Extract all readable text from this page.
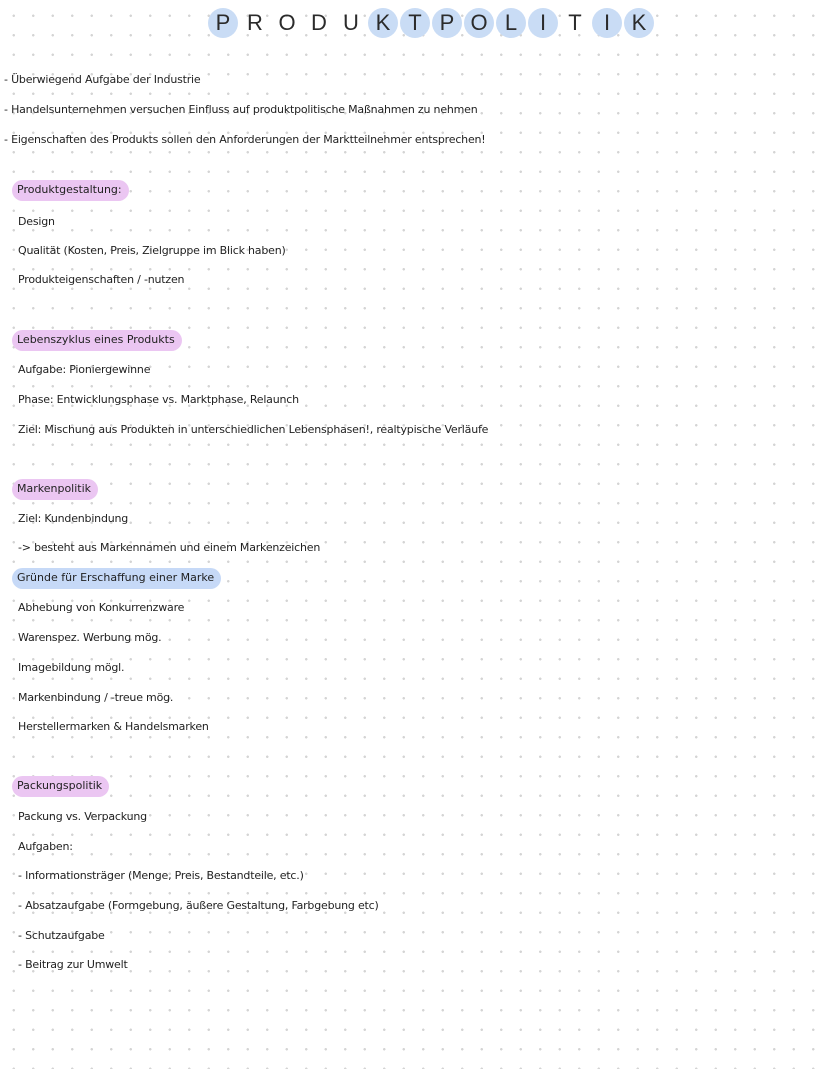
P R O D U K T P O L	I	T	I K
- Überwiegend Aufgabe der Industrie
- Handelsunternehmen versuchen Einfluss auf produktpolitische Maßnahmen zu nehmen
- Eigenschaften des Produkts sollen den Anforderungen der Marktteilnehmer entsprechen!
Produktgestaltung:
Design
Qualität (Kosten, Preis, Zielgruppe im Blick haben)
Produkteigenschaften / -nutzen
Lebenszyklus eines Produkts
Aufgabe: Pioniergewinne
Phase: Entwicklungsphase vs. Marktphase, Relaunch
Ziel: Mischung aus Produkten in unterschiedlichen Lebensphasen!, realtypische Verläufe
Markenpolitik
Ziel: Kundenbindung
-> besteht aus Markennamen und einem Markenzeichen
Gründe für Erschaffung einer Marke
Abhebung von Konkurrenzware
Warenspez. Werbung mög.
Imagebildung mögl.
Markenbindung / -treue mög.
Herstellermarken & Handelsmarken
Packungspolitik
Packung vs. Verpackung
Aufgaben:
- Informationsträger (Menge, Preis, Bestandteile, etc.)
- Absatzaufgabe (Formgebung, äußere Gestaltung, Farbgebung etc)
- Schutzaufgabe
- Beitrag zur Umwelt
